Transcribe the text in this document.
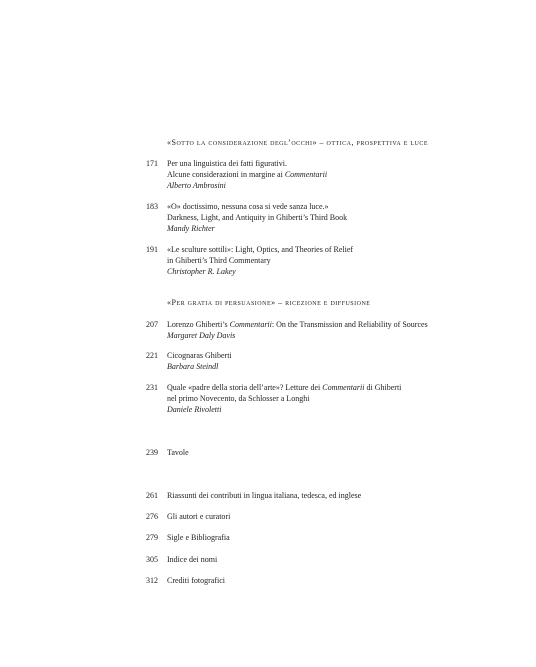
«Sotto la considerazione degl’occhi» – ottica, prospettiva e luce
171 Per una linguistica dei fatti figurativi.
Alcune considerazioni in margine ai Commentarii
Alberto Ambrosini
183 «O» doctissimo, nessuna cosa si vede sanza luce.»
Darkness, Light, and Antiquity in Ghiberti’s Third Book
Mandy Richter
191 «Le sculture sottili»: Light, Optics, and Theories of Relief
in Ghiberti’s Third Commentary
Christopher R. Lakey
«Per gratia di persuasione» – ricezione e diffusione
207 Lorenzo Ghiberti’s Commentarii: On the Transmission and Reliability of Sources
Margaret Daly Davis
221 Cicognaras Ghiberti
Barbara Steindl
231 Quale «padre della storia dell’arte»? Letture dei Commentarii di Ghiberti
nel primo Novecento, da Schlosser a Longhi
Daniele Rivoletti
239 Tavole
261 Riassunti dei contributi in lingua italiana, tedesca, ed inglese
276 Gli autori e curatori
279 Sigle e Bibliografia
305 Indice dei nomi
312 Crediti fotografici
